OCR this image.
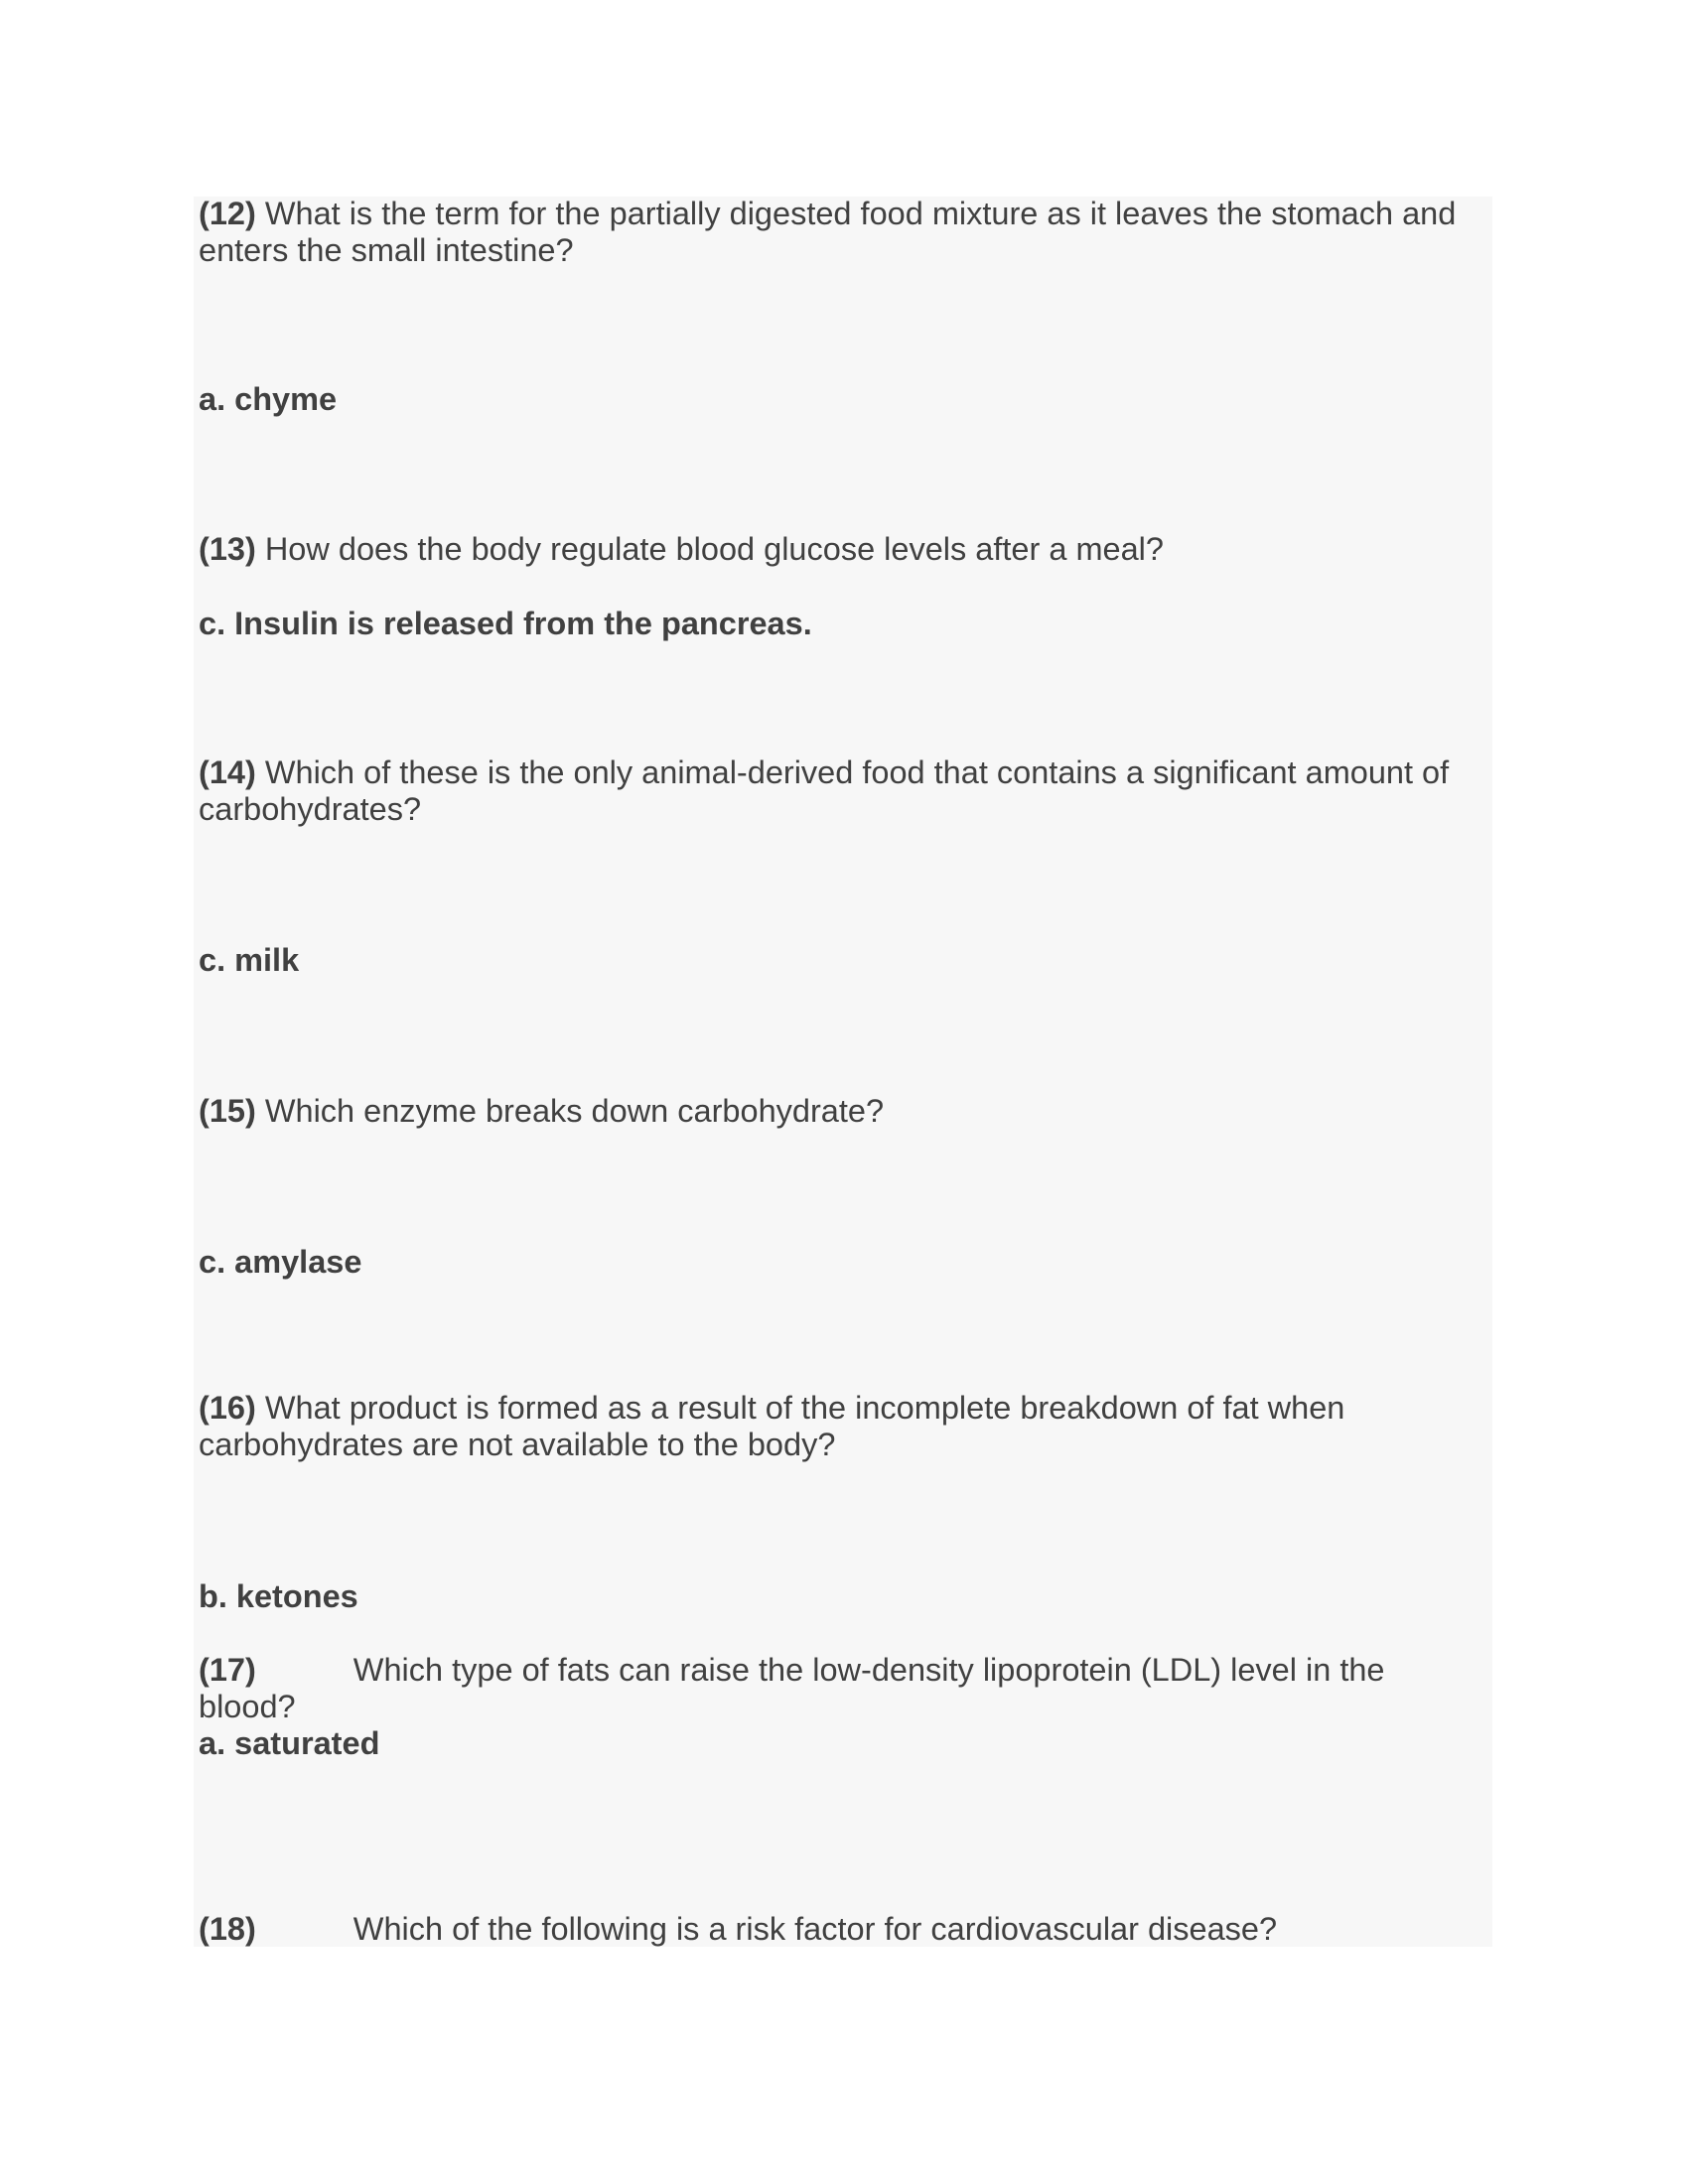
(12) What is the term for the partially digested food mixture as it leaves the stomach and enters the small intestine?

a. chyme

(13) How does the body regulate blood glucose levels after a meal?

c. Insulin is released from the pancreas.

(14) Which of these is the only animal-derived food that contains a significant amount of carbohydrates?

c. milk

(15) Which enzyme breaks down carbohydrate?

c. amylase

(16) What product is formed as a result of the incomplete breakdown of fat when carbohydrates are not available to the body?

b. ketones

(17)	Which type of fats can raise the low-density lipoprotein (LDL) level in the blood?

a. saturated

(18)	Which of the following is a risk factor for cardiovascular disease?
